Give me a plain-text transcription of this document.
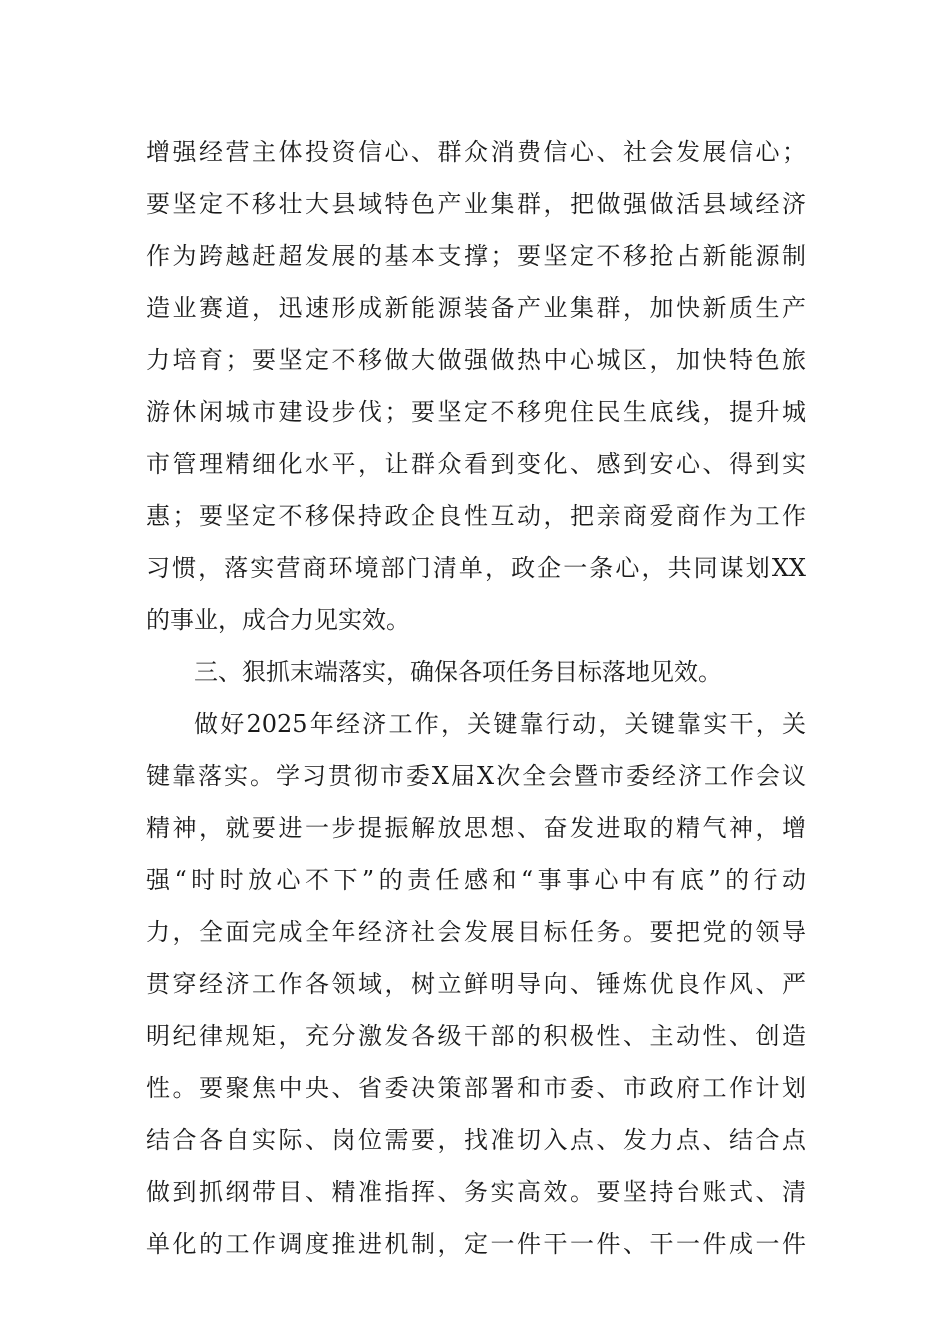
增强经营主体投资信心、群众消费信心、社会发展信心；
要坚定不移壮大县域特色产业集群，把做强做活县域经济
作为跨越赶超发展的基本支撑；要坚定不移抢占新能源制
造业赛道，迅速形成新能源装备产业集群，加快新质生产
力培育；要坚定不移做大做强做热中心城区，加快特色旅
游休闲城市建设步伐；要坚定不移兜住民生底线，提升城
市管理精细化水平，让群众看到变化、感到安心、得到实
惠；要坚定不移保持政企良性互动，把亲商爱商作为工作
习惯，落实营商环境部门清单，政企一条心，共同谋划XX
的事业，成合力见实效。
三、狠抓末端落实，确保各项任务目标落地见效。
做好2025年经济工作，关键靠行动，关键靠实干，关
键靠落实。学习贯彻市委X届X次全会暨市委经济工作会议
精神，就要进一步提振解放思想、奋发进取的精气神，增
强“时时放心不下”的责任感和“事事心中有底”的行动
力，全面完成全年经济社会发展目标任务。要把党的领导
贯穿经济工作各领域，树立鲜明导向、锤炼优良作风、严
明纪律规矩，充分激发各级干部的积极性、主动性、创造
性。要聚焦中央、省委决策部署和市委、市政府工作计划
结合各自实际、岗位需要，找准切入点、发力点、结合点
做到抓纲带目、精准指挥、务实高效。要坚持台账式、清
单化的工作调度推进机制，定一件干一件、干一件成一件
